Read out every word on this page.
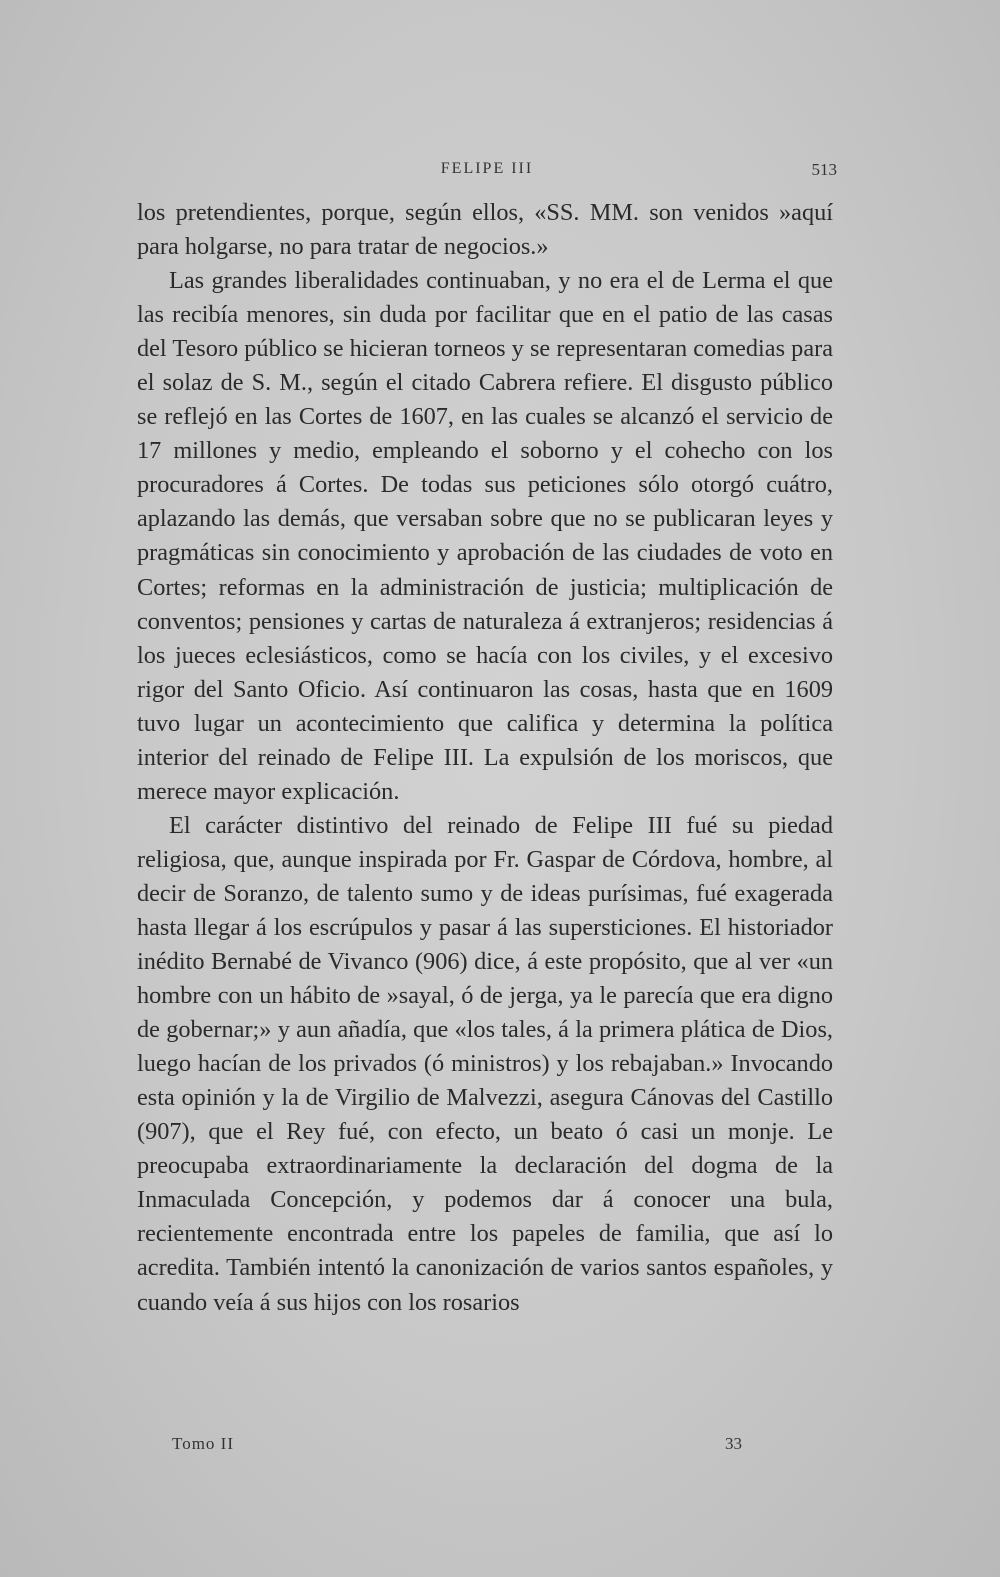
FELIPE III	513

los pretendientes, porque, según ellos, «SS. MM. son venidos »aquí para holgarse, no para tratar de negocios.»

Las grandes liberalidades continuaban, y no era el de Lerma el que las recibía menores, sin duda por facilitar que en el patio de las casas del Tesoro público se hicieran torneos y se representaran comedias para el solaz de S. M., según el citado Cabrera refiere. El disgusto público se reflejó en las Cortes de 1607, en las cuales se alcanzó el servicio de 17 millones y medio, empleando el soborno y el cohecho con los procuradores á Cortes. De todas sus peticiones sólo otorgó cuátro, aplazando las demás, que versaban sobre que no se publicaran leyes y pragmáticas sin conocimiento y aprobación de las ciudades de voto en Cortes; reformas en la administración de justicia; multiplicación de conventos; pensiones y cartas de naturaleza á extranjeros; residencias á los jueces eclesiásticos, como se hacía con los civiles, y el excesivo rigor del Santo Oficio. Así continuaron las cosas, hasta que en 1609 tuvo lugar un acontecimiento que califica y determina la política interior del reinado de Felipe III. La expulsión de los moriscos, que merece mayor explicación.

El carácter distintivo del reinado de Felipe III fué su piedad religiosa, que, aunque inspirada por Fr. Gaspar de Córdova, hombre, al decir de Soranzo, de talento sumo y de ideas purísimas, fué exagerada hasta llegar á los escrúpulos y pasar á las supersticiones. El historiador inédito Bernabé de Vivanco (906) dice, á este propósito, que al ver «un hombre con un hábito de »sayal, ó de jerga, ya le parecía que era digno de gobernar;» y aun añadía, que «los tales, á la primera plática de Dios, luego hacían de los privados (ó ministros) y los rebajaban.» Invocando esta opinión y la de Virgilio de Malvezzi, asegura Cánovas del Castillo (907), que el Rey fué, con efecto, un beato ó casi un monje. Le preocupaba extraordinariamente la declaración del dogma de la Inmaculada Concepción, y podemos dar á conocer una bula, recientemente encontrada entre los papeles de familia, que así lo acredita. También intentó la canonización de varios santos españoles, y cuando veía á sus hijos con los rosarios

Tomo II	33
